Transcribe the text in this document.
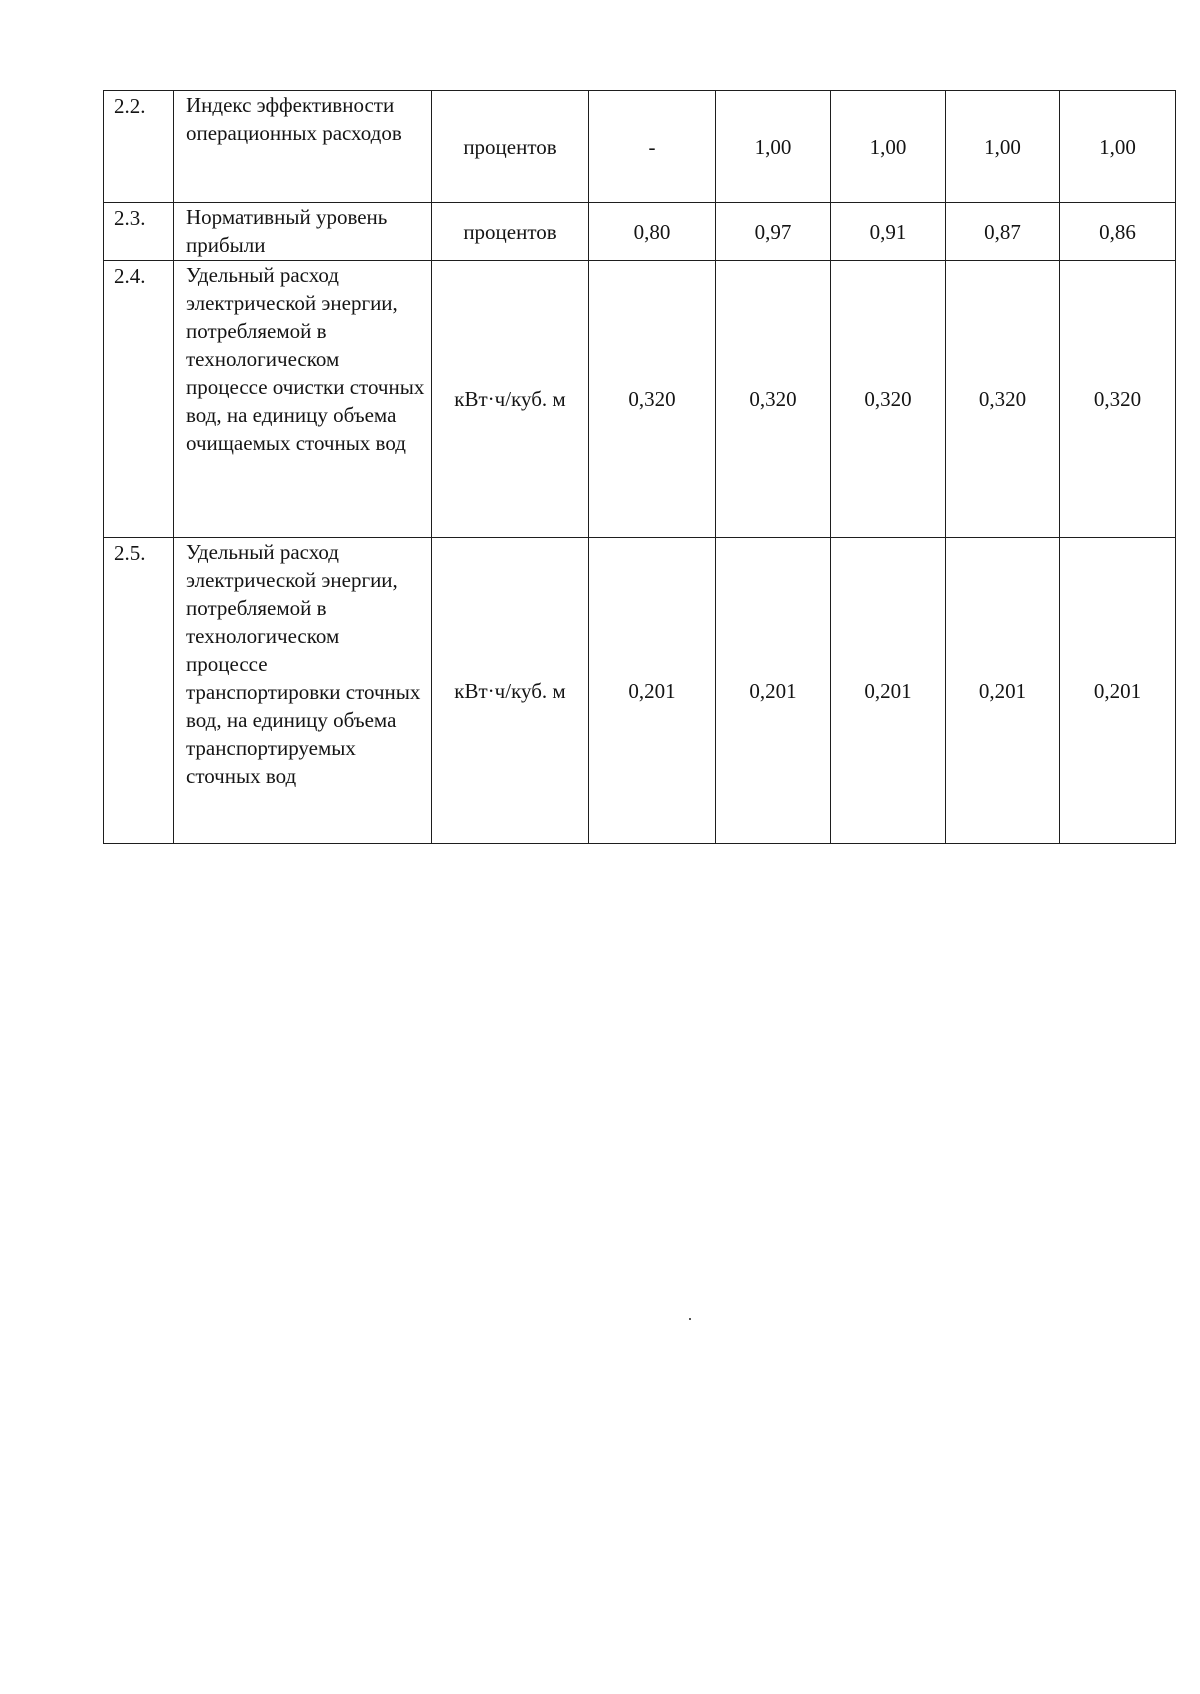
2.2.	Индекс эффективности операционных расходов	процентов	-	1,00	1,00	1,00	1,00
2.3.	Нормативный уровень прибыли	процентов	0,80	0,97	0,91	0,87	0,86
2.4.	Удельный расход электрической энергии, потребляемой в технологическом процессе очистки сточных вод, на единицу объема очищаемых сточных вод	кВт·ч/куб. м	0,320	0,320	0,320	0,320	0,320
2.5.	Удельный расход электрической энергии, потребляемой в технологическом процессе транспортировки сточных вод, на единицу объема транспортируемых сточных вод	кВт·ч/куб. м	0,201	0,201	0,201	0,201	0,201
